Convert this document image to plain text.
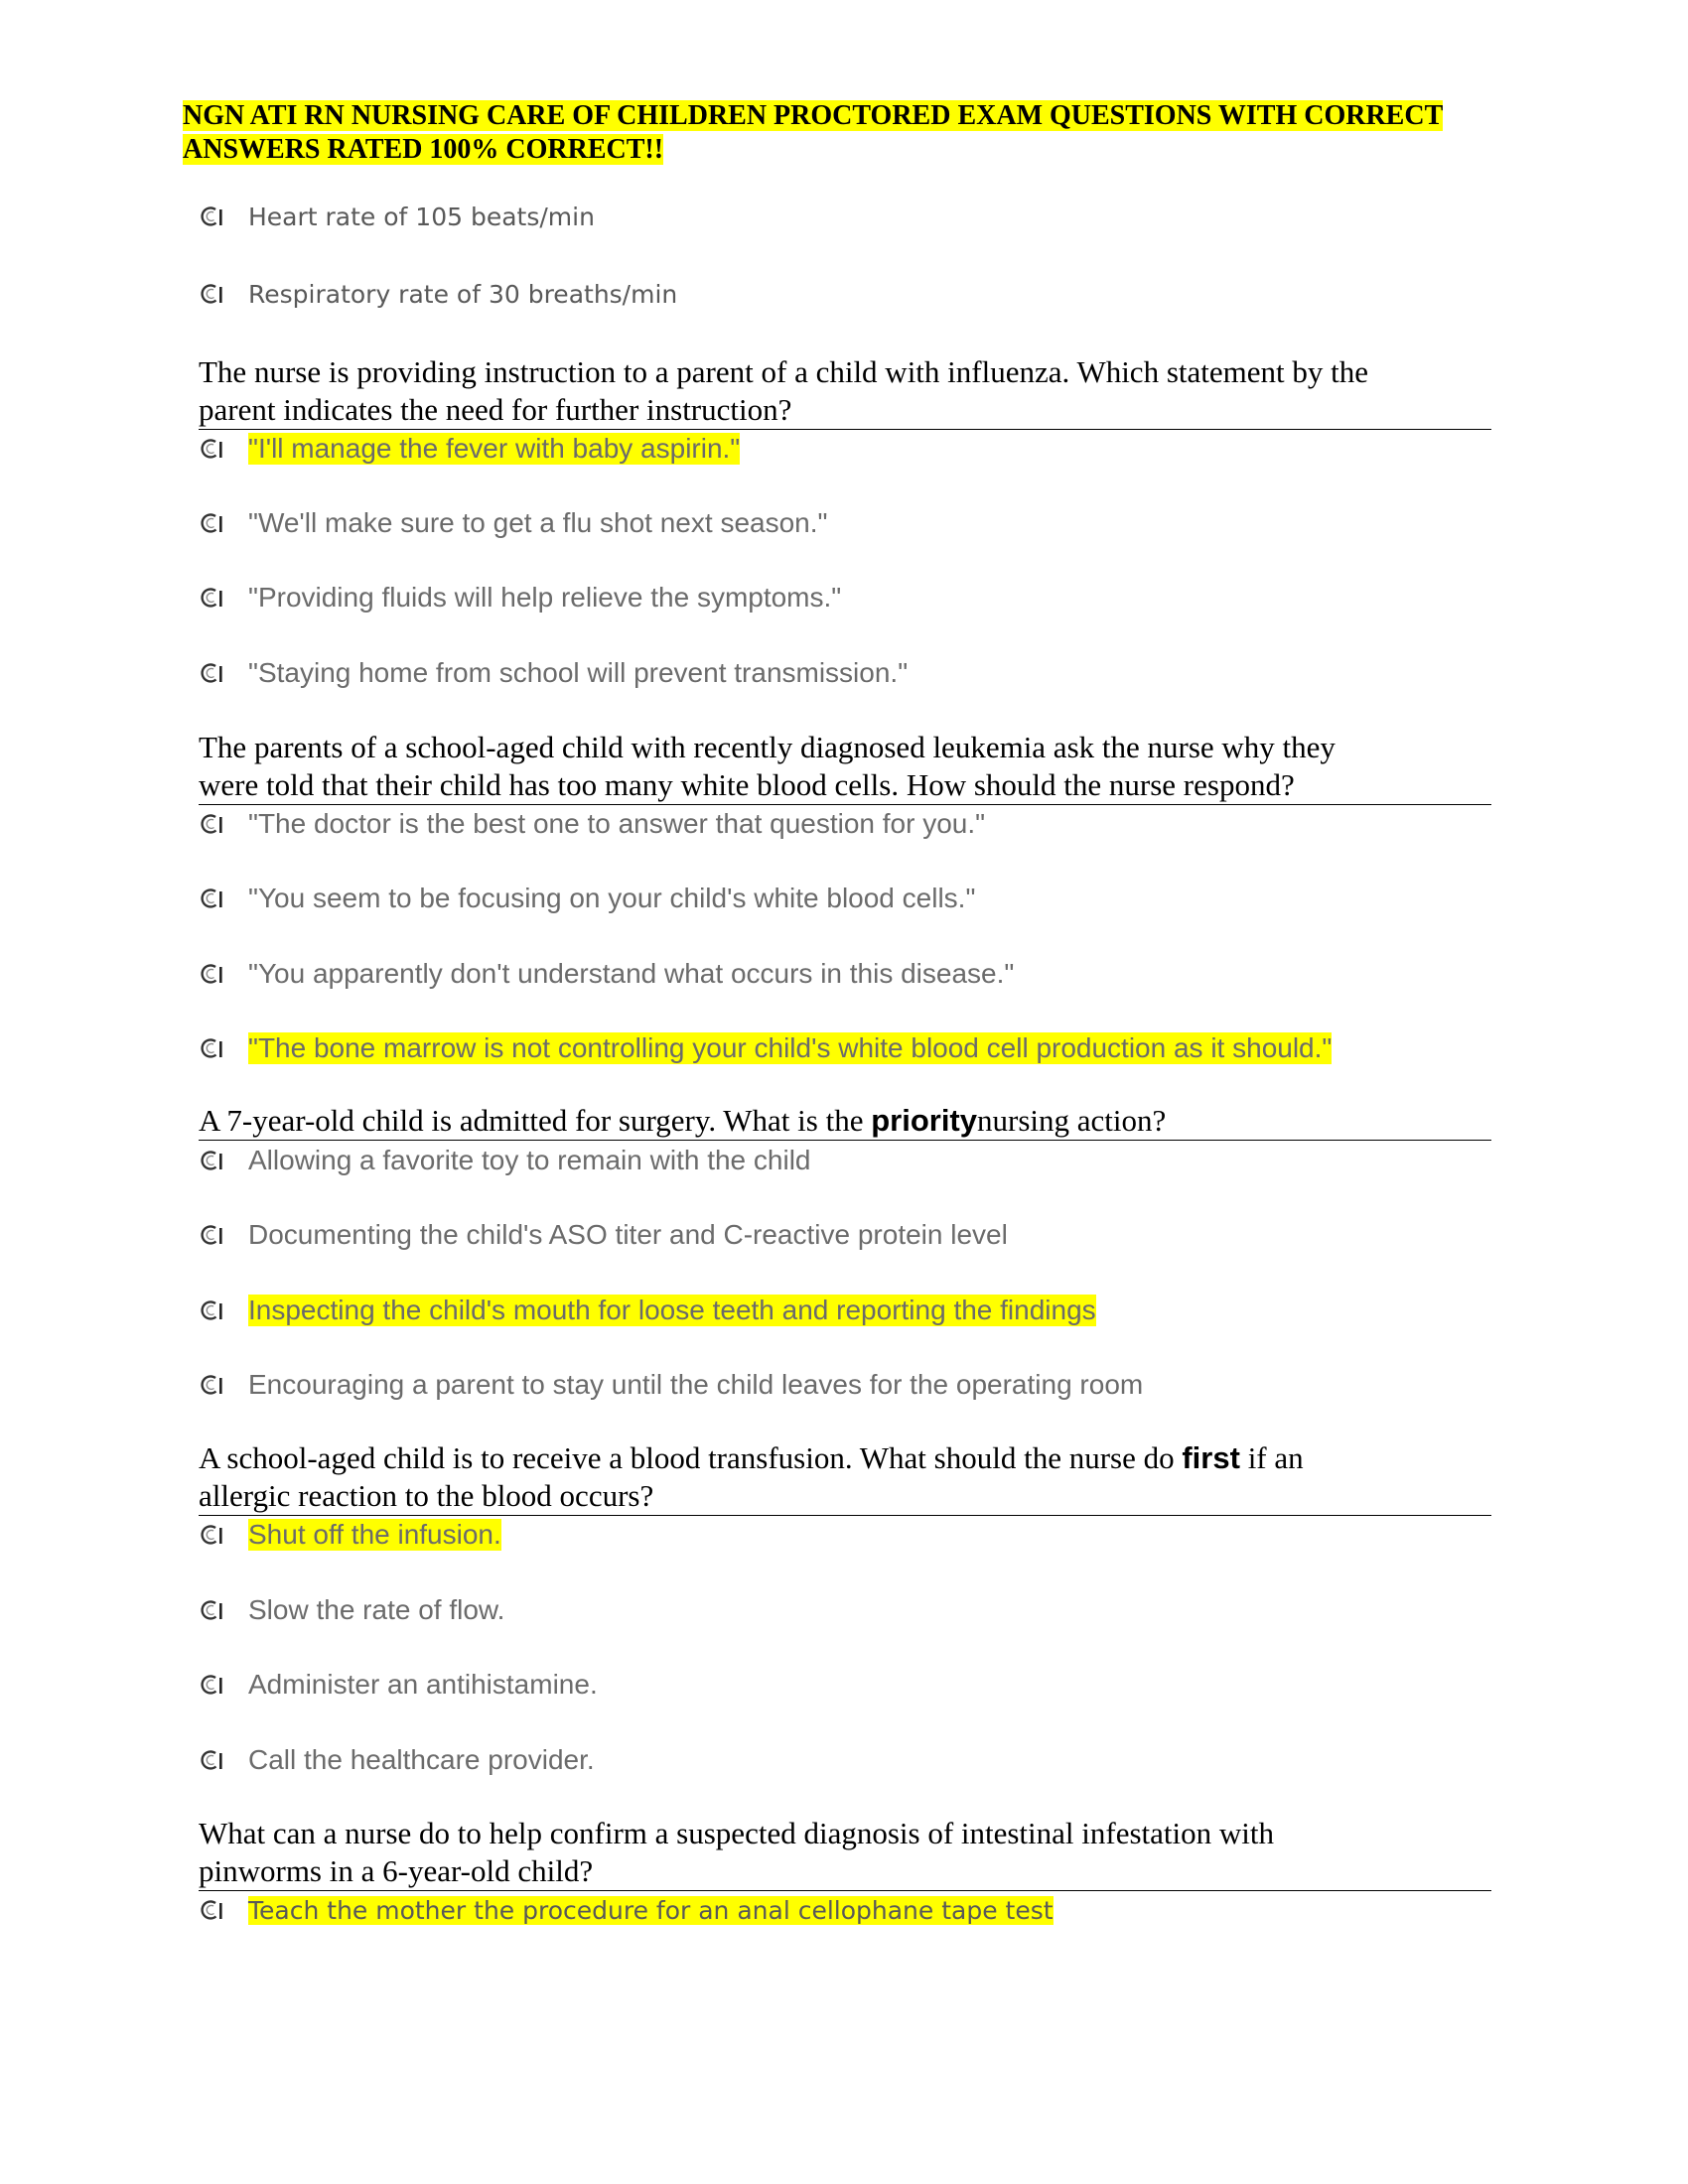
NGN ATI RN NURSING CARE OF CHILDREN PROCTORED EXAM QUESTIONS WITH CORRECT ANSWERS RATED 100% CORRECT!!
Heart rate of 105 beats/min
Respiratory rate of 30 breaths/min
The nurse is providing instruction to a parent of a child with influenza. Which statement by the
parent indicates the need for further instruction?
"I'll manage the fever with baby aspirin."
"We'll make sure to get a flu shot next season."
"Providing fluids will help relieve the symptoms."
"Staying home from school will prevent transmission."
The parents of a school-aged child with recently diagnosed leukemia ask the nurse why they
were told that their child has too many white blood cells. How should the nurse respond?
"The doctor is the best one to answer that question for you."
"You seem to be focusing on your child's white blood cells."
"You apparently don't understand what occurs in this disease."
"The bone marrow is not controlling your child's white blood cell production as it should."
A 7-year-old child is admitted for surgery. What is the prioritynursing action?
Allowing a favorite toy to remain with the child
Documenting the child's ASO titer and C-reactive protein level
Inspecting the child's mouth for loose teeth and reporting the findings
Encouraging a parent to stay until the child leaves for the operating room
A school-aged child is to receive a blood transfusion. What should the nurse do first if an
allergic reaction to the blood occurs?
Shut off the infusion.
Slow the rate of flow.
Administer an antihistamine.
Call the healthcare provider.
What can a nurse do to help confirm a suspected diagnosis of intestinal infestation with
pinworms in a 6-year-old child?
Teach the mother the procedure for an anal cellophane tape test
